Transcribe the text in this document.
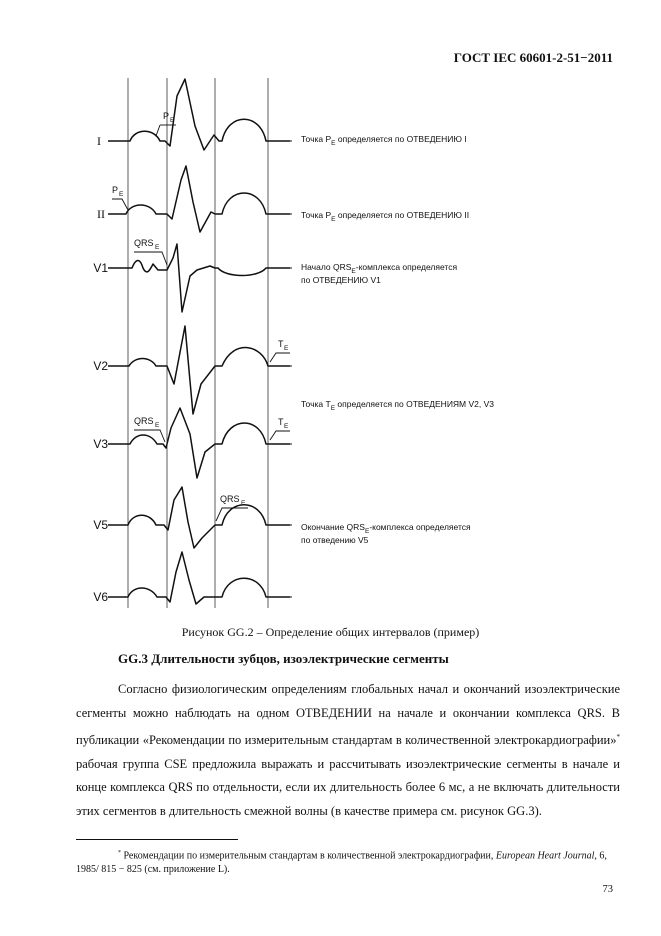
ГОСТ IEC 60601-2-51−2011
I
II
V1
V2
V3
V5
V6
Точка $P_E$ определяется по ОТВЕДЕНИЮ I
Точка $P_E$ определяется по ОТВЕДЕНИЮ II
Начало $QRS_E$-комплекса определяется
по ОТВЕДЕНИЮ V1
Точка $T_E$ определяется по ОТВЕДЕНИЯМ V2, V3
Окончание $QRS_E$-комплекса определяется
по отведению V5
P E
P E
QRS E
T E
QRS E	T E
QRS E
Рисунок GG.2 – Определение общих интервалов (пример)
GG.3 Длительности зубцов, изоэлектрические сегменты
Согласно физиологическим определениям глобальных начал и окончаний изоэлектрические сегменты можно наблюдать на одном ОТВЕДЕНИИ на начале и окончании комплекса QRS. В публикации «Рекомендации по измерительным стандартам в количественной электрокардиографии»* рабочая группа CSE предложила выражать и рассчитывать изоэлектрические сегменты в начале и конце комплекса QRS по отдельности, если их длительность более 6 мс, а не включать длительности этих сегментов в длительность смежной волны (в качестве примера см. рисунок GG.3).
* Рекомендации по измерительным стандартам в количественной электрокардиографии, European Heart Journal, 6, 1985/ 815 − 825 (см. приложение L).
73
